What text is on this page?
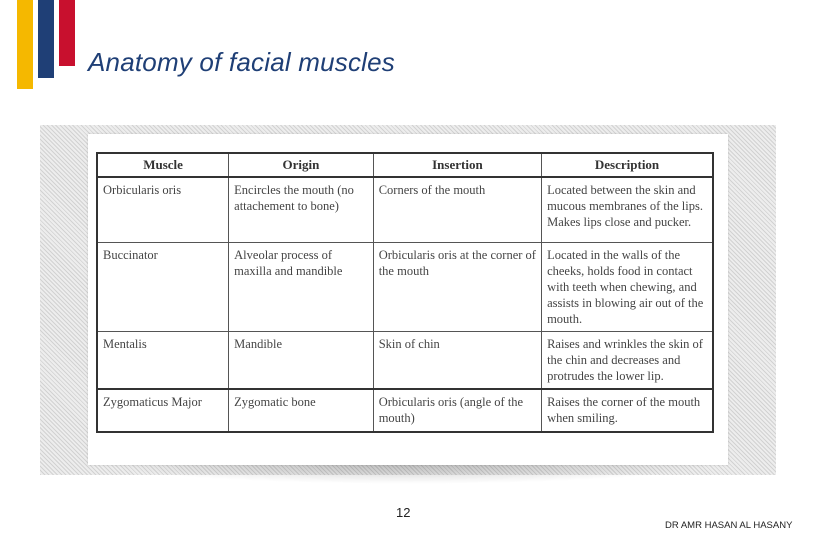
Anatomy of facial muscles
Muscle	Origin	Insertion	Description
Orbicularis oris	Encircles the mouth (no attachement to bone)	Corners of the mouth	Located between the skin and mucous membranes of the lips. Makes lips close and pucker.
Buccinator	Alveolar process of maxilla and mandible	Orbicularis oris at the corner of the mouth	Located in the walls of the cheeks, holds food in contact with teeth when chewing, and assists in blowing air out of the mouth.
Mentalis	Mandible	Skin of chin	Raises and wrinkles the skin of the chin and decreases and protrudes the lower lip.
Zygomaticus Major	Zygomatic bone	Orbicularis oris (angle of the mouth)	Raises the corner of the mouth when smiling.
12
DR AMR HASAN AL HASANY
